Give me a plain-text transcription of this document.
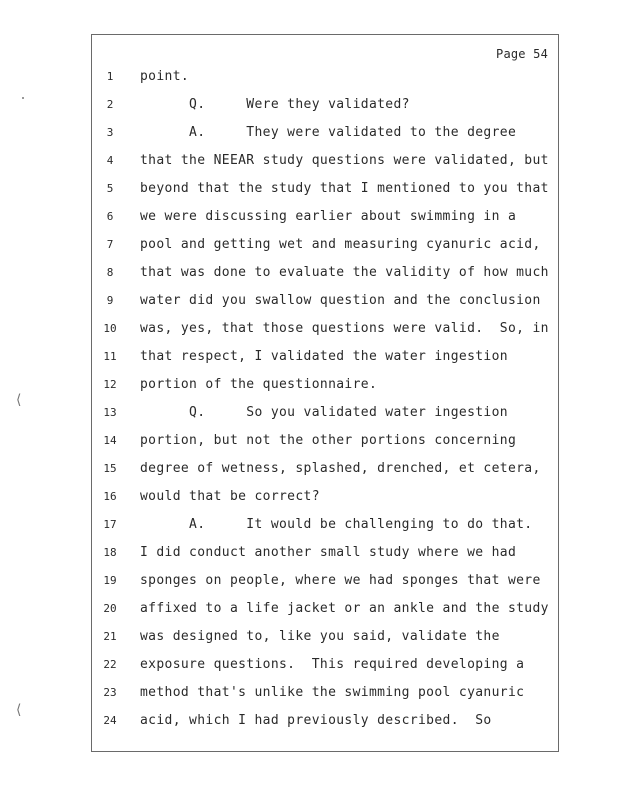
Page 54
1	point.
2	Q.     Were they validated?
3	A.     They were validated to the degree
4	that the NEEAR study questions were validated, but
5	beyond that the study that I mentioned to you that
6	we were discussing earlier about swimming in a
7	pool and getting wet and measuring cyanuric acid,
8	that was done to evaluate the validity of how much
9	water did you swallow question and the conclusion
10	was, yes, that those questions were valid.  So, in
11	that respect, I validated the water ingestion
12	portion of the questionnaire.
13	Q.     So you validated water ingestion
14	portion, but not the other portions concerning
15	degree of wetness, splashed, drenched, et cetera,
16	would that be correct?
17	A.     It would be challenging to do that.
18	I did conduct another small study where we had
19	sponges on people, where we had sponges that were
20	affixed to a life jacket or an ankle and the study
21	was designed to, like you said, validate the
22	exposure questions.  This required developing a
23	method that's unlike the swimming pool cyanuric
24	acid, which I had previously described.  So
⟨
⟨
